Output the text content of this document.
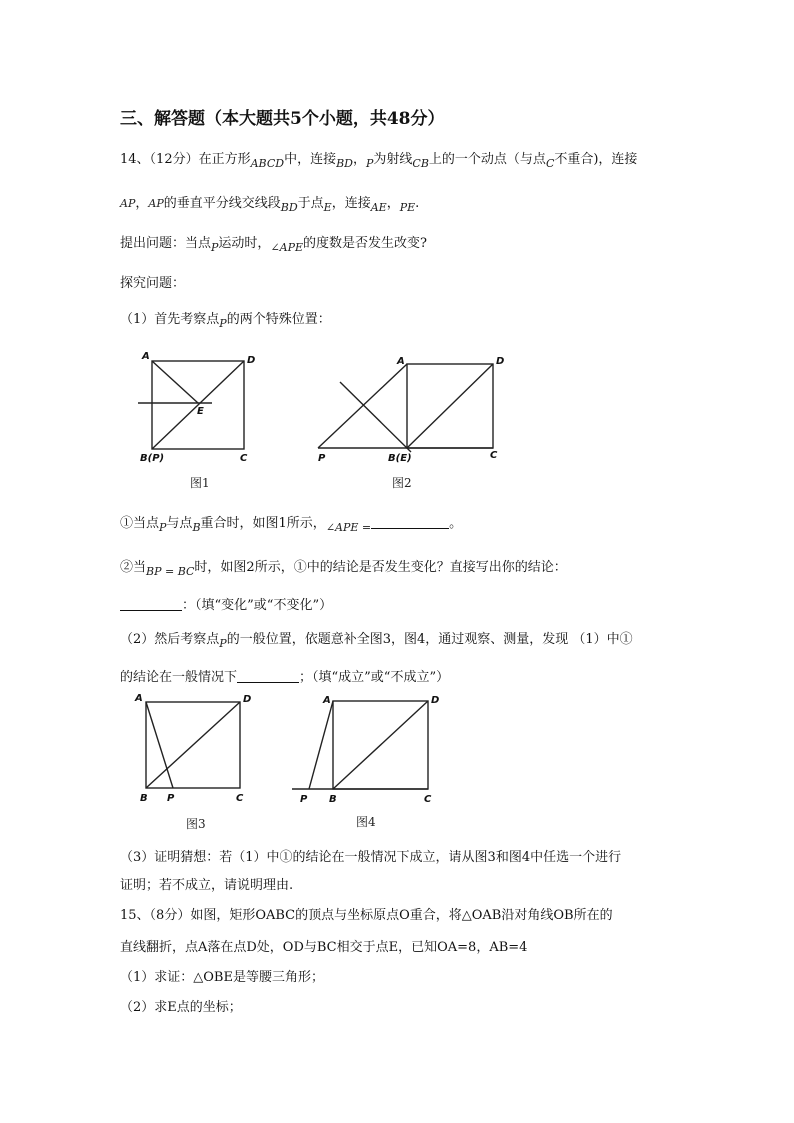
三、解答题（本大题共5个小题，共48分）
14、（12分）在正方形$_{ABCD}$中，连接$_{BD}$，$_P$为射线$_{CB}$上的一个动点（与点$_C$不重合)，连接
AP，AP的垂直平分线交线段$_{BD}$于点$_E$，连接$_{AE}$，$_{PE}$.
提出问题：当点$_P$运动时，$_{\angle APE}$的度数是否发生改变?
探究问题：
（1）首先考察点$_P$的两个特殊位置：
A	D
E
B(P)	C
图1
A	D
P	B(E)	C
图2
A	D
B P	C
图3
A	D
P B	C
图4
①当点$_P$与点$_B$重合时，如图1所示，$_{\angle APE =}$	。
②当$_{BP = BC}$时，如图2所示，①中的结论是否发生变化？直接写出你的结论：
：（填“变化”或“不变化”）
（2）然后考察点$_P$的一般位置，依题意补全图3，图4，通过观察、测量，发现 （1）中①
的结论在一般情况下	；（填“成立”或“不成立”）
（3）证明猜想：若（1）中①的结论在一般情况下成立，请从图3和图4中任选一个进行
证明；若不成立，请说明理由.
15、（8分）如图，矩形OABC的顶点与坐标原点O重合，将△OAB沿对角线OB所在的
直线翻折，点A落在点D处，OD与BC相交于点E，已知OA=8，AB=4
（1）求证：△OBE是等腰三角形；
（2）求E点的坐标；
